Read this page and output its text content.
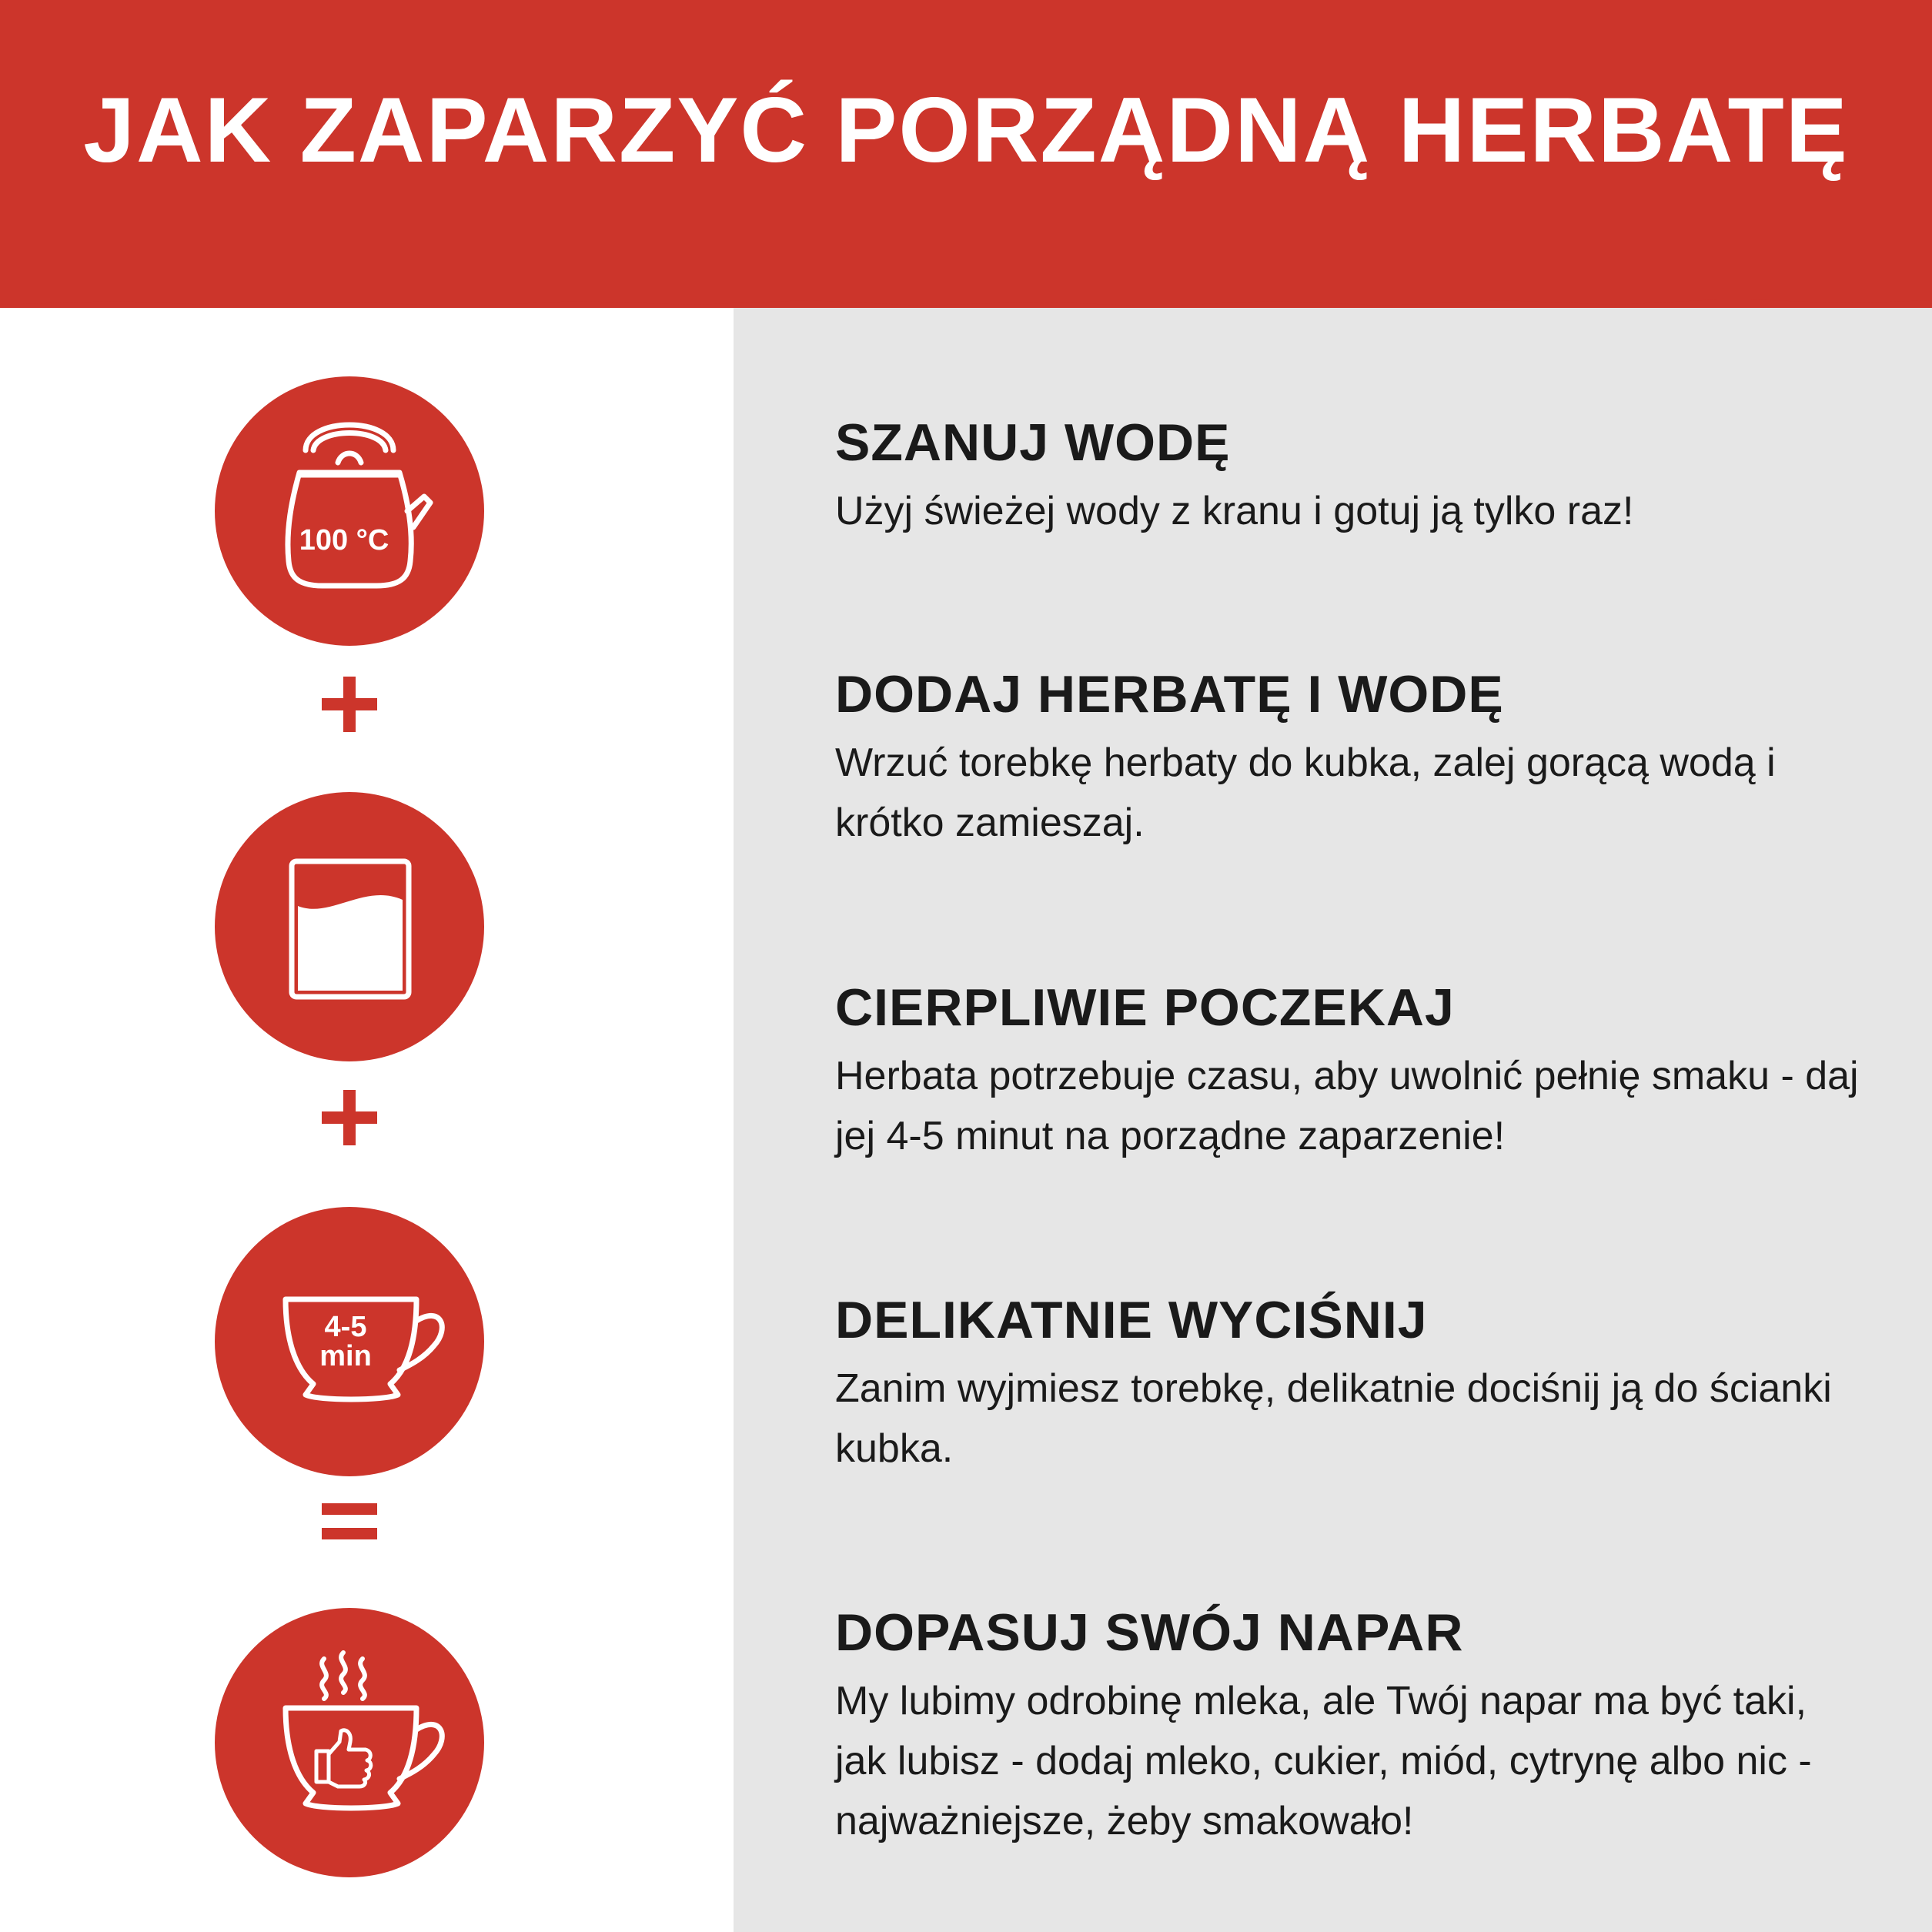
JAK ZAPARZYĆ PORZĄDNĄ HERBATĘ
100 °C
4-5
min
SZANUJ WODĘ
Użyj świeżej wody z kranu i gotuj ją tylko raz!
DODAJ HERBATĘ I WODĘ
Wrzuć torebkę herbaty do kubka, zalej gorącą wodą i krótko zamieszaj.
CIERPLIWIE POCZEKAJ
Herbata potrzebuje czasu, aby uwolnić pełnię smaku - daj jej 4-5 minut na porządne zaparzenie!
DELIKATNIE WYCIŚNIJ
Zanim wyjmiesz torebkę, delikatnie dociśnij ją do ścianki kubka.
DOPASUJ SWÓJ NAPAR
My lubimy odrobinę mleka, ale Twój napar ma być taki, jak lubisz - dodaj mleko, cukier, miód, cytrynę albo nic - najważniejsze, żeby smakowało!
